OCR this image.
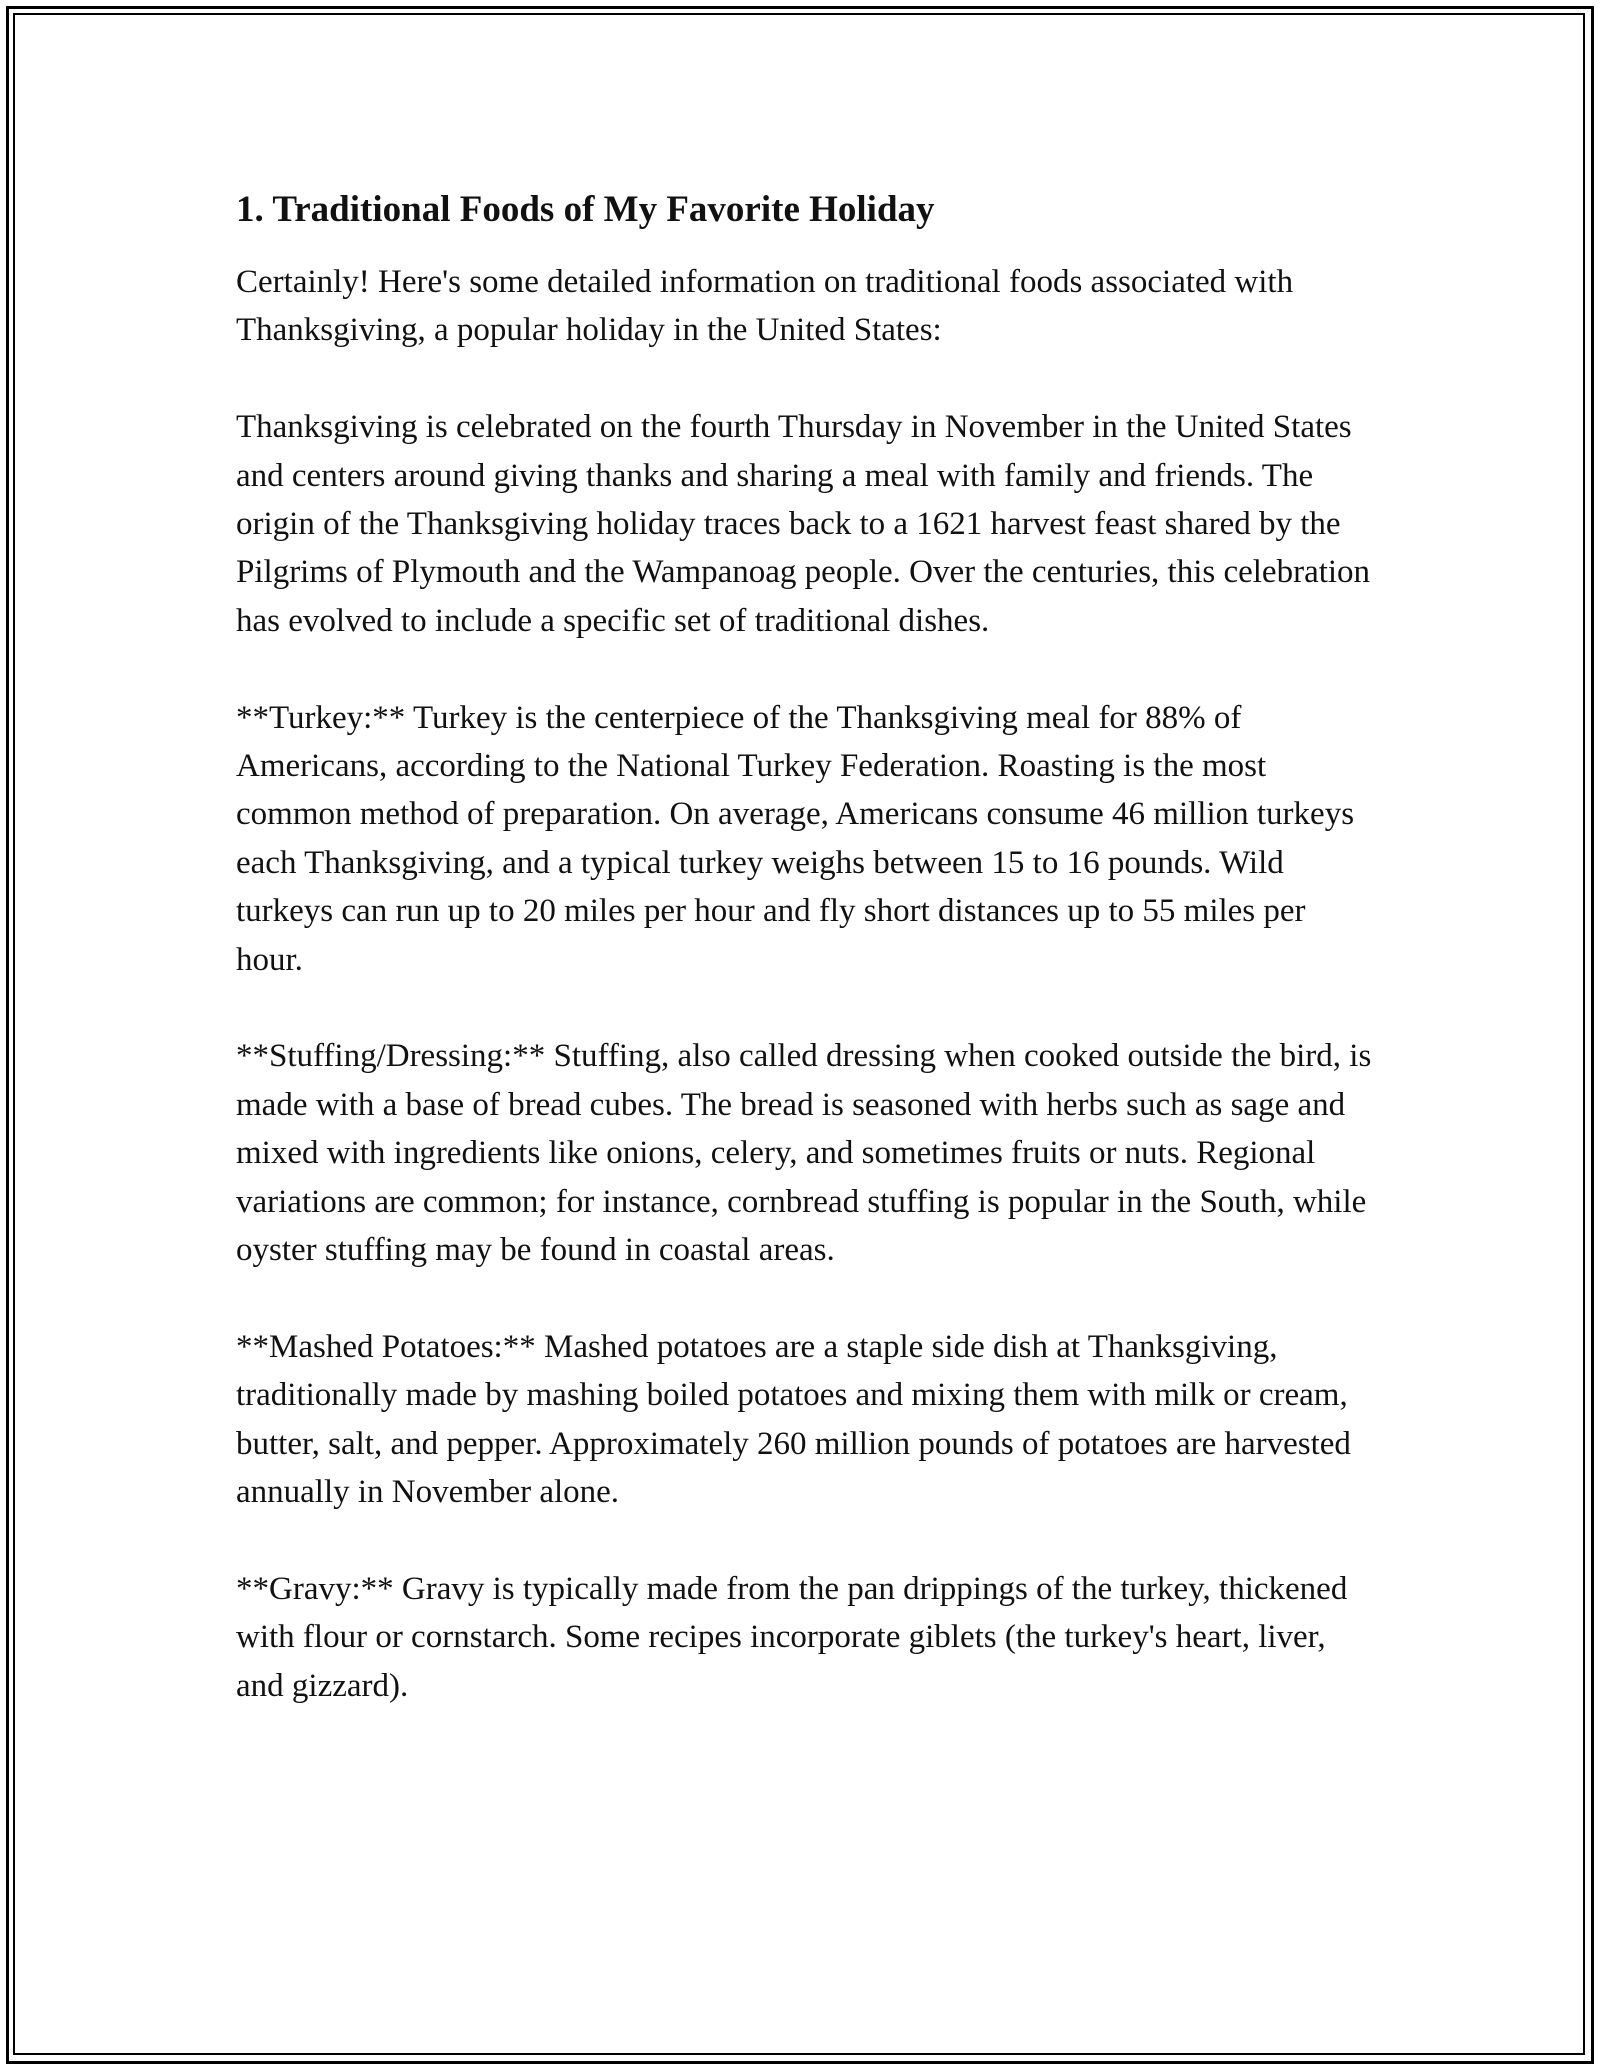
1. Traditional Foods of My Favorite Holiday

Certainly! Here's some detailed information on traditional foods associated with Thanksgiving, a popular holiday in the United States:

Thanksgiving is celebrated on the fourth Thursday in November in the United States and centers around giving thanks and sharing a meal with family and friends. The origin of the Thanksgiving holiday traces back to a 1621 harvest feast shared by the Pilgrims of Plymouth and the Wampanoag people. Over the centuries, this celebration has evolved to include a specific set of traditional dishes.

**Turkey:** Turkey is the centerpiece of the Thanksgiving meal for 88% of Americans, according to the National Turkey Federation. Roasting is the most common method of preparation. On average, Americans consume 46 million turkeys each Thanksgiving, and a typical turkey weighs between 15 to 16 pounds. Wild turkeys can run up to 20 miles per hour and fly short distances up to 55 miles per hour.

**Stuffing/Dressing:** Stuffing, also called dressing when cooked outside the bird, is made with a base of bread cubes. The bread is seasoned with herbs such as sage and mixed with ingredients like onions, celery, and sometimes fruits or nuts. Regional variations are common; for instance, cornbread stuffing is popular in the South, while oyster stuffing may be found in coastal areas.

**Mashed Potatoes:** Mashed potatoes are a staple side dish at Thanksgiving, traditionally made by mashing boiled potatoes and mixing them with milk or cream, butter, salt, and pepper. Approximately 260 million pounds of potatoes are harvested annually in November alone.

**Gravy:** Gravy is typically made from the pan drippings of the turkey, thickened with flour or cornstarch. Some recipes incorporate giblets (the turkey's heart, liver, and gizzard).
